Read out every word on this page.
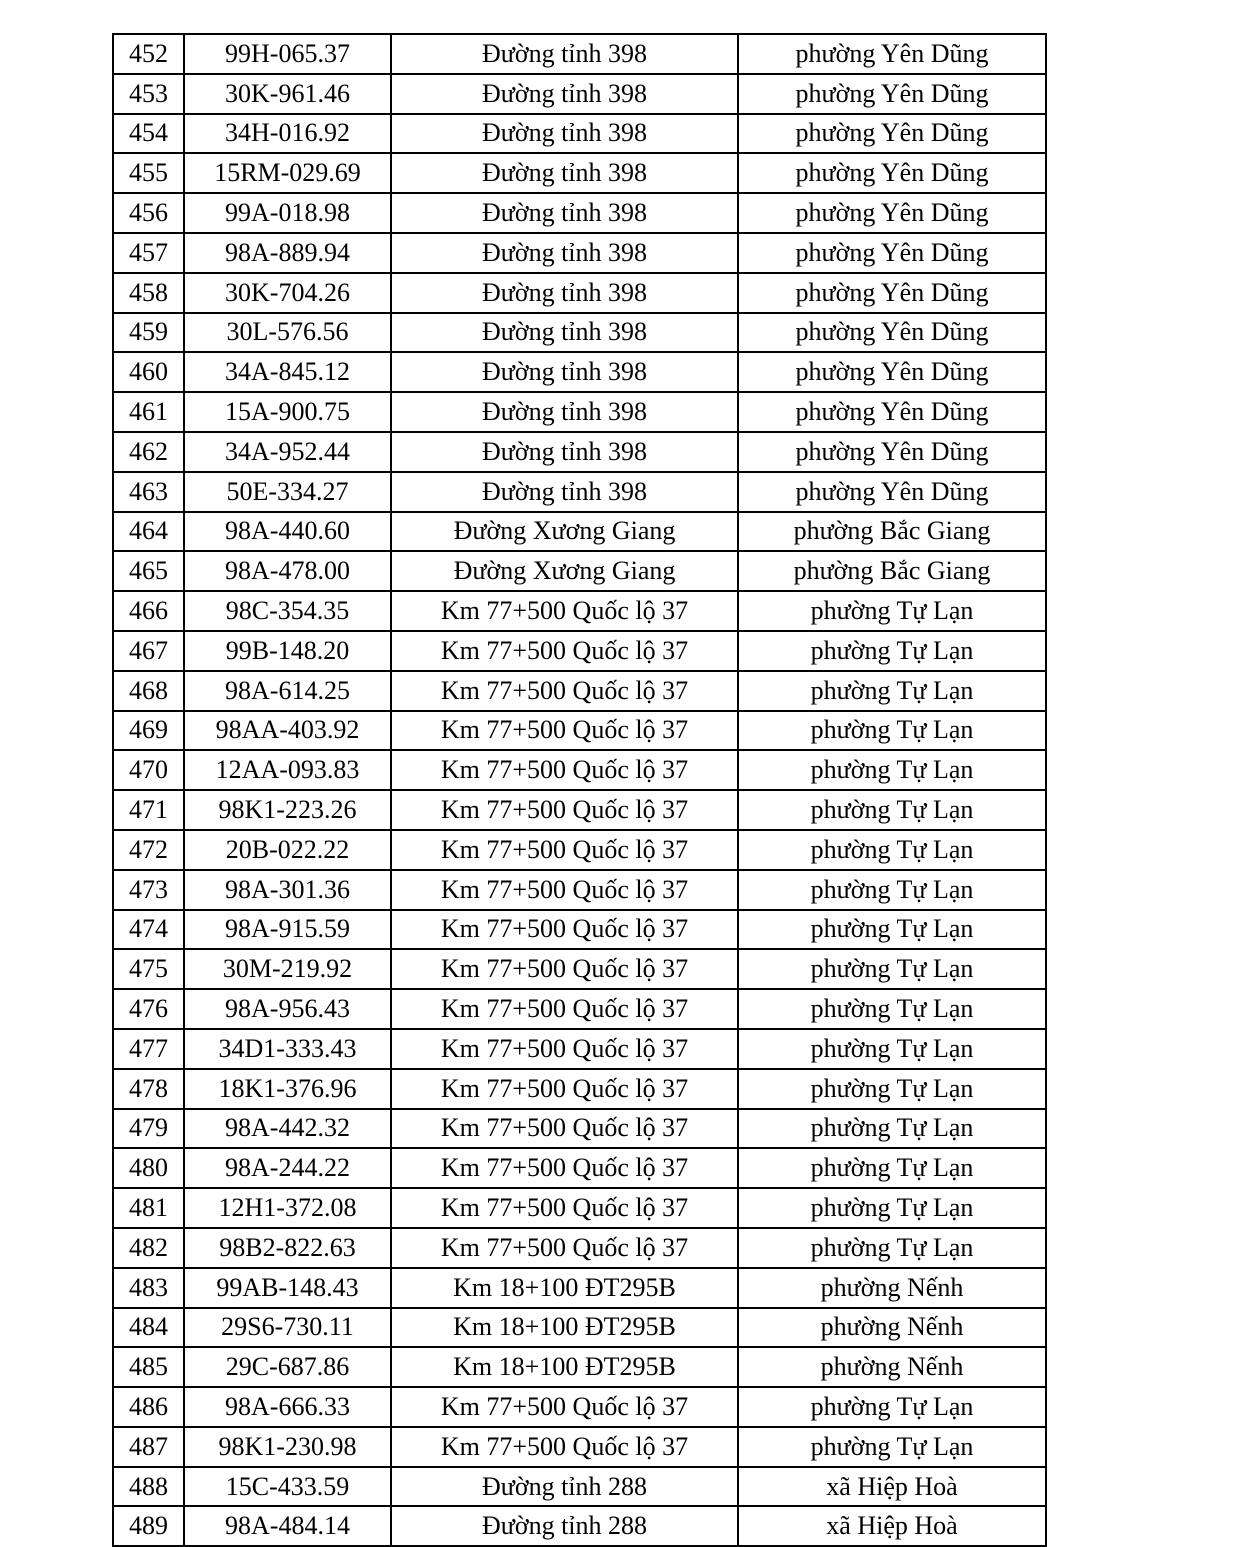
452	99H-065.37	Đường tỉnh 398	phường Yên Dũng
453	30K-961.46	Đường tỉnh 398	phường Yên Dũng
454	34H-016.92	Đường tỉnh 398	phường Yên Dũng
455	15RM-029.69	Đường tỉnh 398	phường Yên Dũng
456	99A-018.98	Đường tỉnh 398	phường Yên Dũng
457	98A-889.94	Đường tỉnh 398	phường Yên Dũng
458	30K-704.26	Đường tỉnh 398	phường Yên Dũng
459	30L-576.56	Đường tỉnh 398	phường Yên Dũng
460	34A-845.12	Đường tỉnh 398	phường Yên Dũng
461	15A-900.75	Đường tỉnh 398	phường Yên Dũng
462	34A-952.44	Đường tỉnh 398	phường Yên Dũng
463	50E-334.27	Đường tỉnh 398	phường Yên Dũng
464	98A-440.60	Đường Xương Giang	phường Bắc Giang
465	98A-478.00	Đường Xương Giang	phường Bắc Giang
466	98C-354.35	Km 77+500 Quốc lộ 37	phường Tự Lạn
467	99B-148.20	Km 77+500 Quốc lộ 37	phường Tự Lạn
468	98A-614.25	Km 77+500 Quốc lộ 37	phường Tự Lạn
469	98AA-403.92	Km 77+500 Quốc lộ 37	phường Tự Lạn
470	12AA-093.83	Km 77+500 Quốc lộ 37	phường Tự Lạn
471	98K1-223.26	Km 77+500 Quốc lộ 37	phường Tự Lạn
472	20B-022.22	Km 77+500 Quốc lộ 37	phường Tự Lạn
473	98A-301.36	Km 77+500 Quốc lộ 37	phường Tự Lạn
474	98A-915.59	Km 77+500 Quốc lộ 37	phường Tự Lạn
475	30M-219.92	Km 77+500 Quốc lộ 37	phường Tự Lạn
476	98A-956.43	Km 77+500 Quốc lộ 37	phường Tự Lạn
477	34D1-333.43	Km 77+500 Quốc lộ 37	phường Tự Lạn
478	18K1-376.96	Km 77+500 Quốc lộ 37	phường Tự Lạn
479	98A-442.32	Km 77+500 Quốc lộ 37	phường Tự Lạn
480	98A-244.22	Km 77+500 Quốc lộ 37	phường Tự Lạn
481	12H1-372.08	Km 77+500 Quốc lộ 37	phường Tự Lạn
482	98B2-822.63	Km 77+500 Quốc lộ 37	phường Tự Lạn
483	99AB-148.43	Km 18+100 ĐT295B	phường Nếnh
484	29S6-730.11	Km 18+100 ĐT295B	phường Nếnh
485	29C-687.86	Km 18+100 ĐT295B	phường Nếnh
486	98A-666.33	Km 77+500 Quốc lộ 37	phường Tự Lạn
487	98K1-230.98	Km 77+500 Quốc lộ 37	phường Tự Lạn
488	15C-433.59	Đường tỉnh 288	xã Hiệp Hoà
489	98A-484.14	Đường tỉnh 288	xã Hiệp Hoà
